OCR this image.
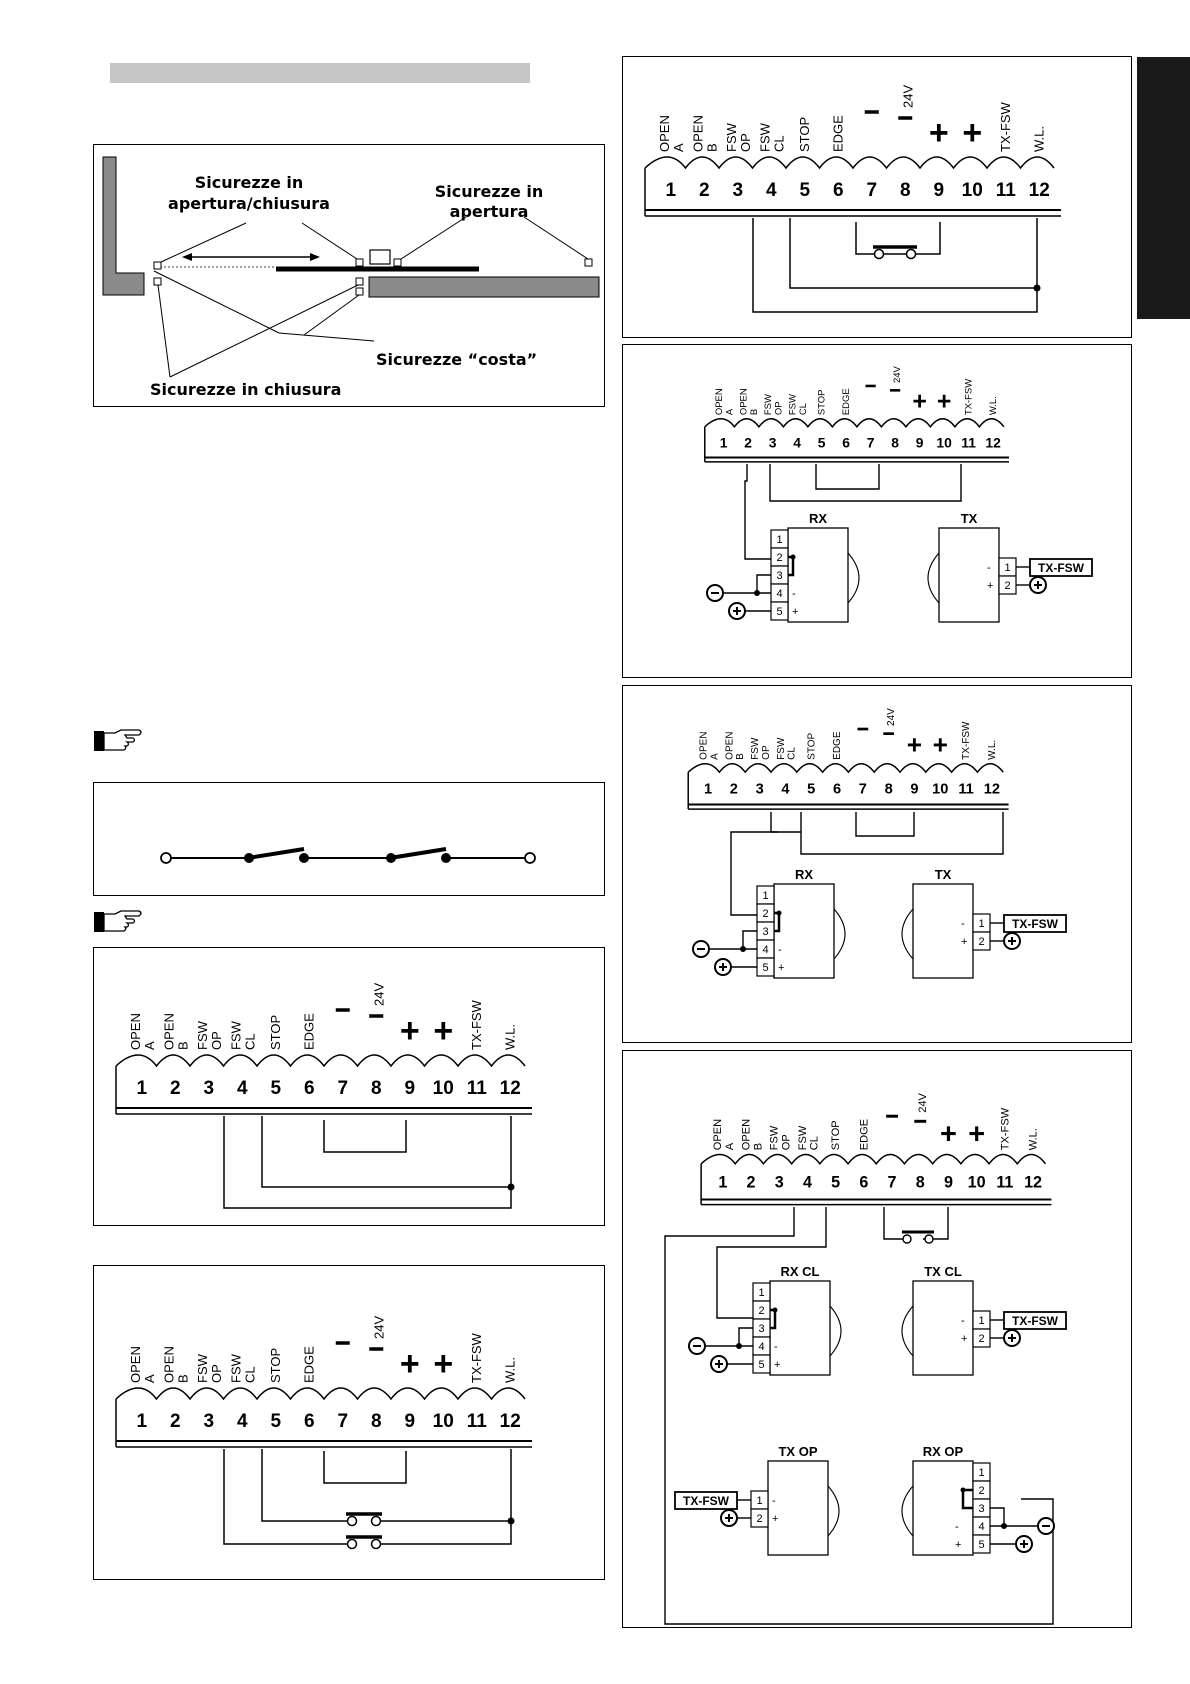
Sicurezze in
apertura/chiusura
Sicurezze in
apertura
Sicurezze “costa”
Sicurezze in chiusura
1
OPEN A
2
OPEN B
3
FSW OP
4
FSW CL
5
STOP
6
EDGE
7 8 9 10 11
TX-FSW
12
W.L.
+ +
24V
1
OPEN A
2
OPEN B
3
FSW OP
4
FSW CL
5
STOP
6
EDGE
7 8 9 10 11
TX-FSW
12
W.L.
+ +
24V
1
OPEN A
2
OPEN B
3
FSW OP
4
FSW CL
5
STOP
6
EDGE
7 8 9 10 11
TX-FSW
12
W.L.
+ +
24V
1
OPEN A
2
OPEN B
3
FSW OP
4
FSW CL
5
STOP
6
EDGE
7 8 9 10 11
TX-FSW
12
W.L.
+ +
24V
1
2
3
4
5
RX
-
+
TX
1
2
-
+
TX-FSW
1
OPEN A
2
OPEN B
3
FSW OP
4
FSW CL
5
STOP
6
EDGE
7 8 9 10 11
TX-FSW
12
W.L.
+ +
24V
1
2
3
4
5
RX
-
+
TX
1
2
-
+
TX-FSW
1
OPEN A
2
OPEN B
3
FSW OP
4
FSW CL
5
STOP
6
EDGE
7 8 9 10 11
TX-FSW
12
W.L.
+ +
24V
1
2
3
4
5
RX CL
-
+
TX CL
1
2
-
+
TX-FSW
TX OP
1
2
-
+
TX-FSW
1
2
3
4
5
RX OP
-
+
